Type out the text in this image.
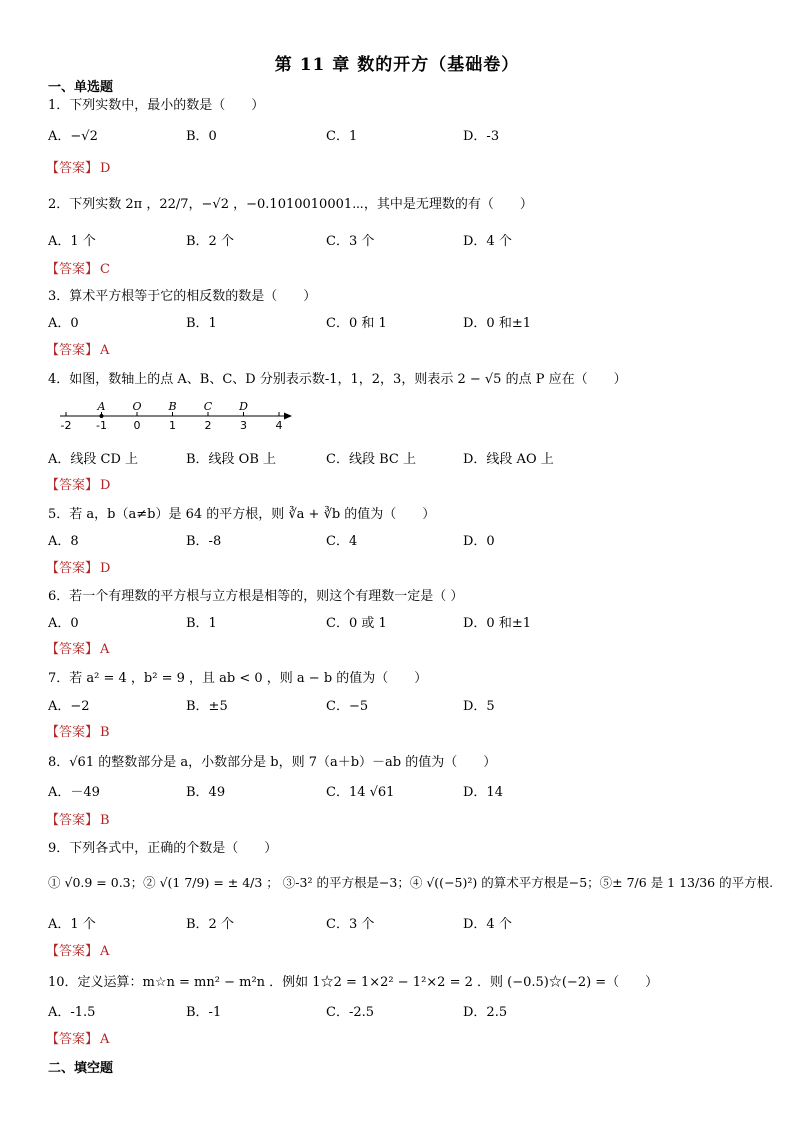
第 11 章 数的开方（基础卷）
一、单选题
1．下列实数中，最小的数是（　　）
A．−√2	B．0	C．1	D．-3
【答案】 D
2．下列实数 2π ，22/7，−√2 ，−0.1010010001⋯，其中是无理数的有（　　）
A．1 个	B．2 个	C．3 个	D．4 个
【答案】 C
3．算术平方根等于它的相反数的数是（　　）
A．0	B．1	C．0 和 1	D．0 和±1
【答案】 A
4．如图，数轴上的点 A、B、C、D 分别表示数-1，1，2，3，则表示 2 − √5 的点 P 应在（　　）
-2 -1 0	1	2	3	4
A O B C D
A．线段 CD 上	B．线段 OB 上	C．线段 BC 上	D．线段 AO 上
【答案】 D
5．若 a，b（a≠b）是 64 的平方根，则 ∛a + ∛b 的值为（　　）
A．8	B．-8	C．4	D．0
【答案】 D
6．若一个有理数的平方根与立方根是相等的，则这个有理数一定是（ ）
A．0	B．1	C．0 或 1	D．0 和±1
【答案】 A
7．若 a² = 4 ，b² = 9 ，且 ab < 0 ，则 a − b 的值为（　　）
A．−2	B．±5	C．−5	D．5
【答案】 B
8．√61 的整数部分是 a，小数部分是 b，则 7（a＋b）－ab 的值为（　　）
A．－49	B．49	C．14 √61	D．14
【答案】 B
9．下列各式中，正确的个数是（　　）
① √0.9 = 0.3；② √(1 7/9) = ± 4/3 ； ③-3² 的平方根是−3；④ √((−5)²) 的算术平方根是−5；⑤± 7/6 是 1 13/36 的平方根.
A．1 个	B．2 个	C．3 个	D．4 个
【答案】 A
10．定义运算：m☆n = mn² − m²n ．例如 1☆2 = 1×2² − 1²×2 = 2 ．则 (−0.5)☆(−2) =（　　）
A．-1.5	B．-1	C．-2.5	D．2.5
【答案】 A
二、填空题
